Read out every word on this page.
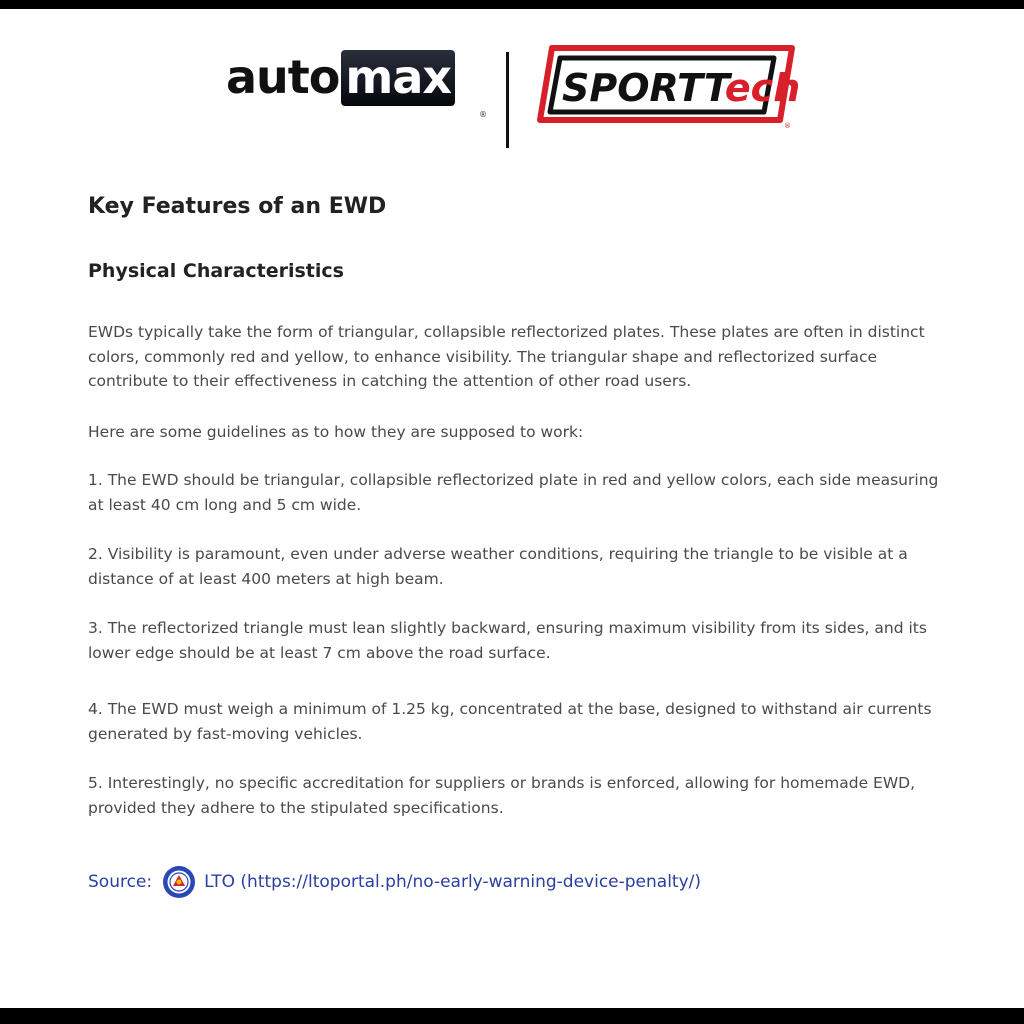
auto max
®
SPORTTech
®
Key Features of an EWD
Physical Characteristics

EWDs typically take the form of triangular, collapsible reflectorized plates. These plates are often in distinct colors, commonly red and yellow, to enhance visibility. The triangular shape and reflectorized surface contribute to their effectiveness in catching the attention of other road users.

Here are some guidelines as to how they are supposed to work:

1. The EWD should be triangular, collapsible reflectorized plate in red and yellow colors, each side measuring at least 40 cm long and 5 cm wide.

2. Visibility is paramount, even under adverse weather conditions, requiring the triangle to be visible at a distance of at least 400 meters at high beam.

3. The reflectorized triangle must lean slightly backward, ensuring maximum visibility from its sides, and its lower edge should be at least 7 cm above the road surface.

4. The EWD must weigh a minimum of 1.25 kg, concentrated at the base, designed to withstand air currents generated by fast-moving vehicles.

5. Interestingly, no specific accreditation for suppliers or brands is enforced, allowing for homemade EWD, provided they adhere to the stipulated specifications.

Source:	LTO (https://ltoportal.ph/no-early-warning-device-penalty/)
